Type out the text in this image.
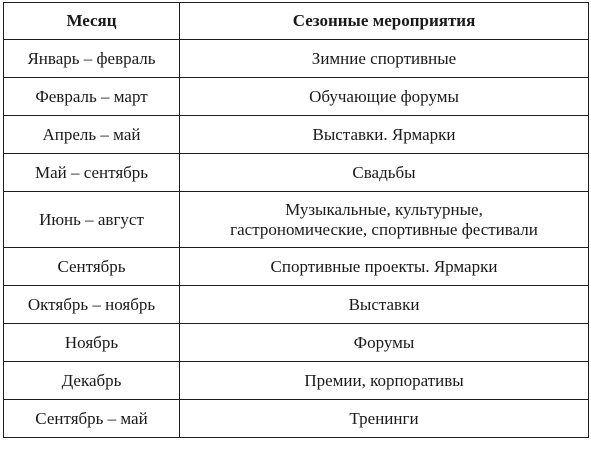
Месяц	Сезонные мероприятия
Январь – февраль	Зимние спортивные
Февраль – март	Обучающие форумы
Апрель – май	Выставки. Ярмарки
Май – сентябрь	Свадьбы
Июнь – август	Музыкальные, культурные,
гастрономические, спортивные фестивали
Сентябрь	Спортивные проекты. Ярмарки
Октябрь – ноябрь	Выставки
Ноябрь	Форумы
Декабрь	Премии, корпоративы
Сентябрь – май	Тренинги
